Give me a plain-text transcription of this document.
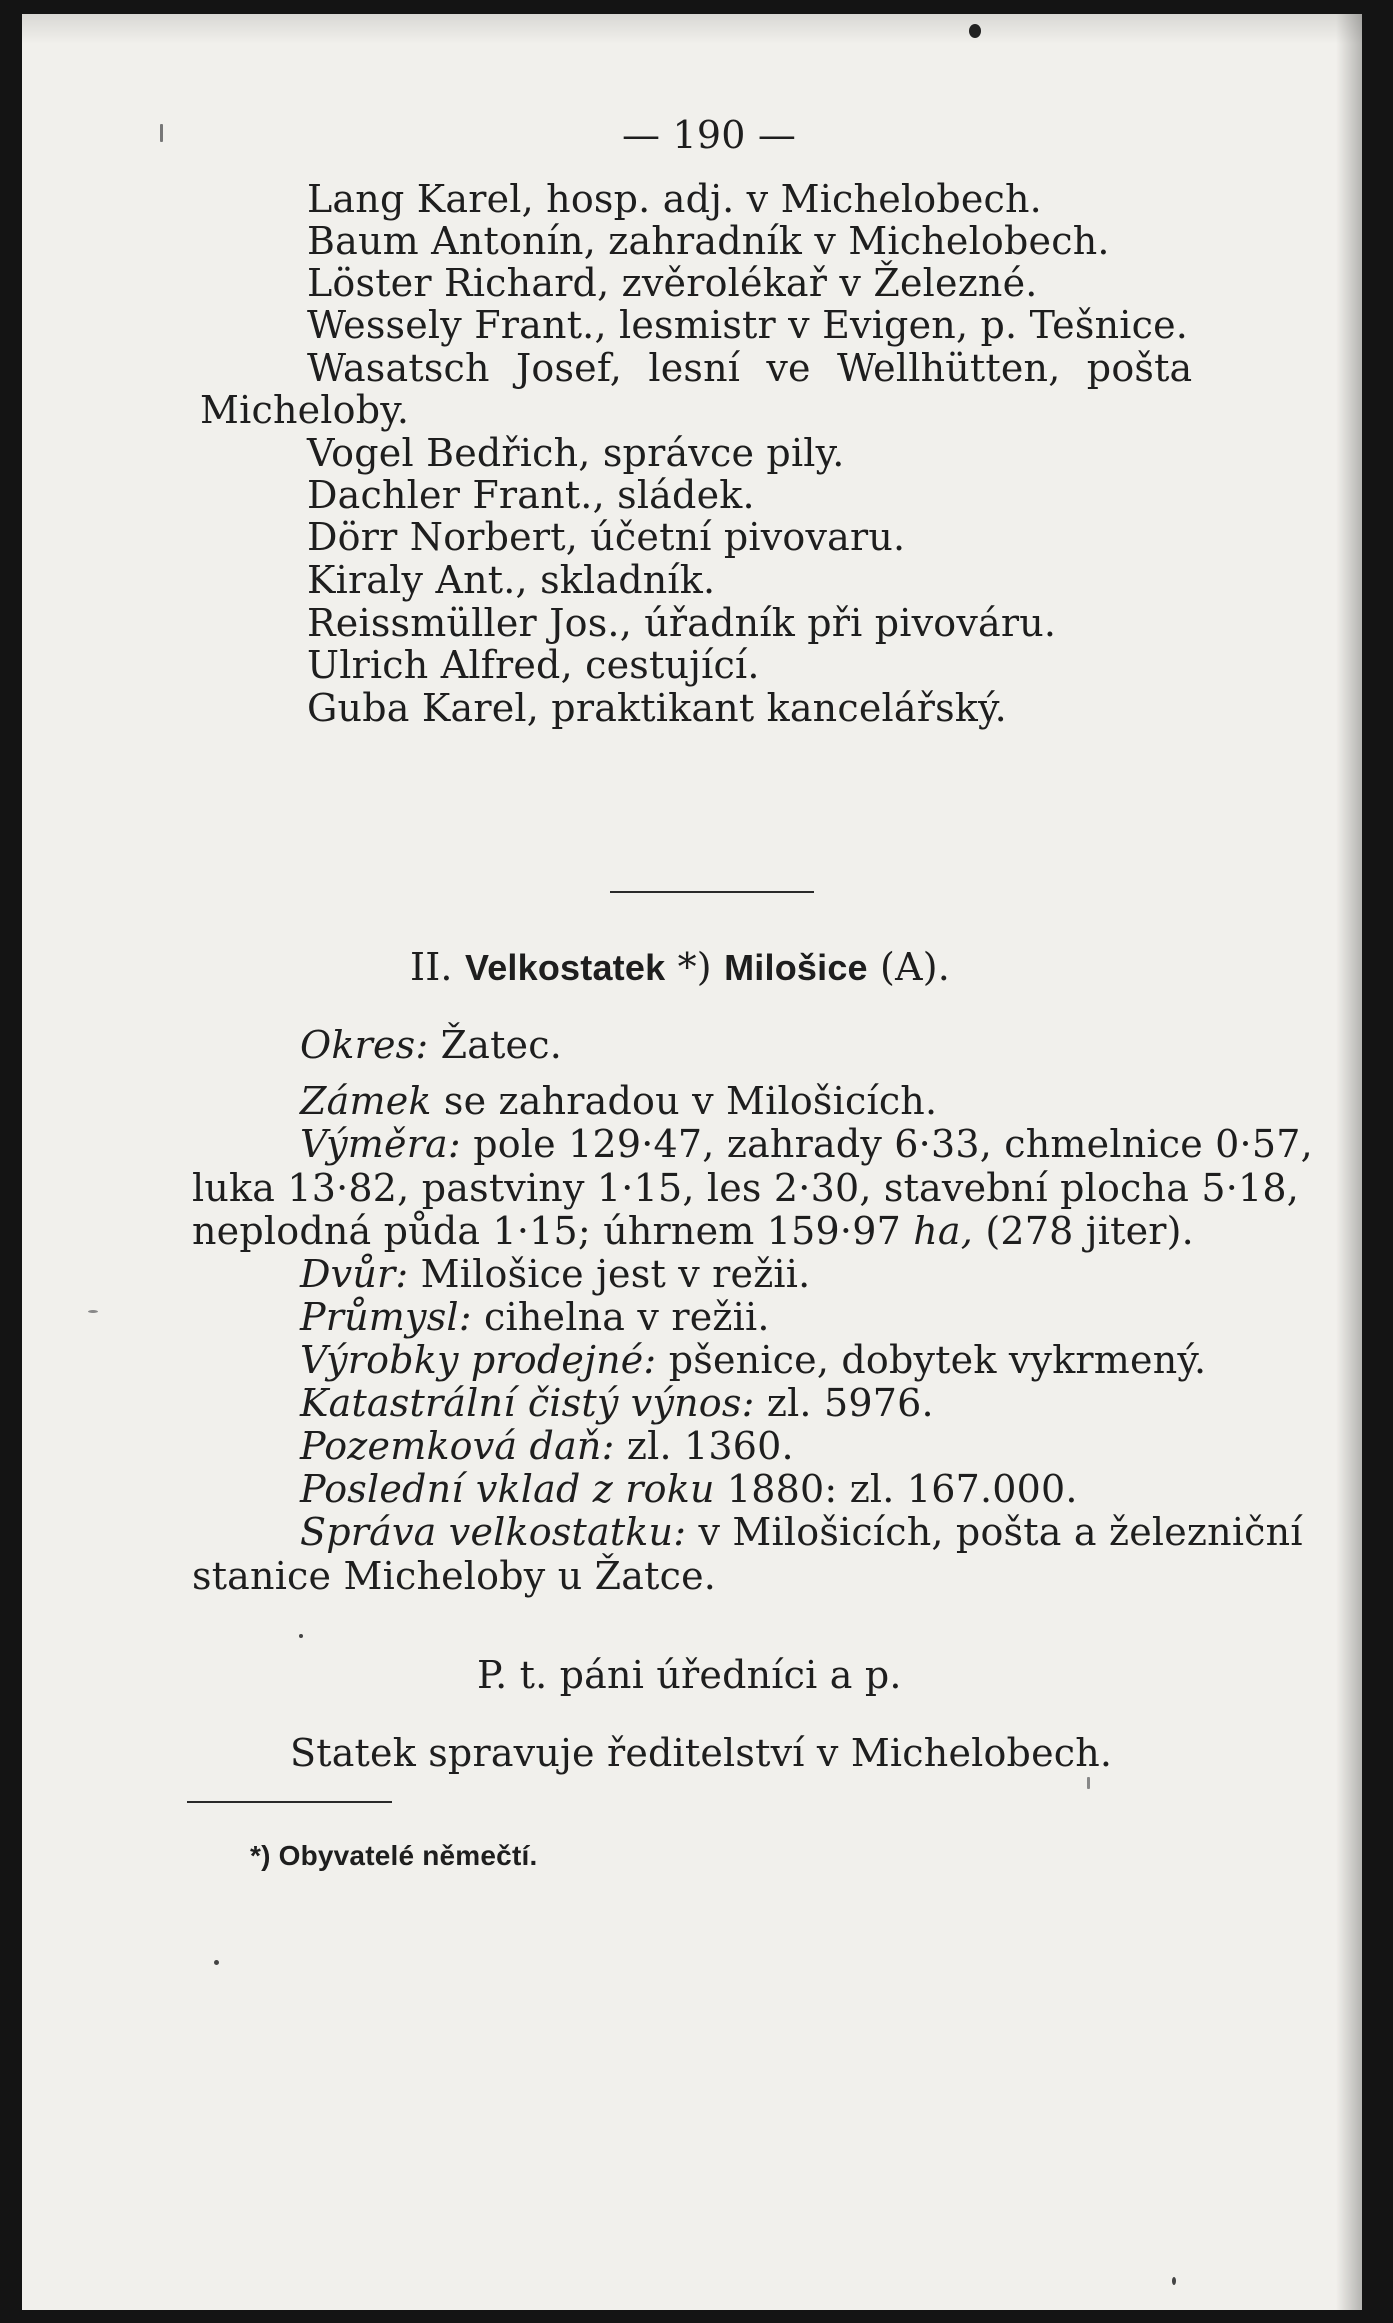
— 190 —
Lang Karel, hosp. adj. v Michelobech.
Baum Antonín, zahradník v Michelobech.
Löster Richard, zvěrolékař v Železné.
Wessely Frant., lesmistr v Evigen, p. Tešnice.
Wasatsch Josef, lesní ve Wellhütten, pošta
Micheloby.
Vogel Bedřich, správce pily.
Dachler Frant., sládek.
Dörr Norbert, účetní pivovaru.
Kiraly Ant., skladník.
Reissmüller Jos., úřadník při pivováru.
Ulrich Alfred, cestující.
Guba Karel, praktikant kancelářský.
II. Velkostatek *) Milošice (A).
Okres: Žatec.
Zámek se zahradou v Milošicích.
Výměra: pole 129·47, zahrady 6·33, chmelnice 0·57,
luka 13·82, pastviny 1·15, les 2·30, stavební plocha 5·18,
neplodná půda 1·15; úhrnem 159·97 ha, (278 jiter).
Dvůr: Milošice jest v režii.
Průmysl: cihelna v režii.
Výrobky prodejné: pšenice, dobytek vykrmený.
Katastrální čistý výnos: zl. 5976.
Pozemková daň: zl. 1360.
Poslední vklad z roku 1880: zl. 167.000.
Správa velkostatku: v Milošicích, pošta a železniční
stanice Micheloby u Žatce.
P. t. páni úředníci a p.
Statek spravuje ředitelství v Michelobech.
*) Obyvatelé němečtí.
